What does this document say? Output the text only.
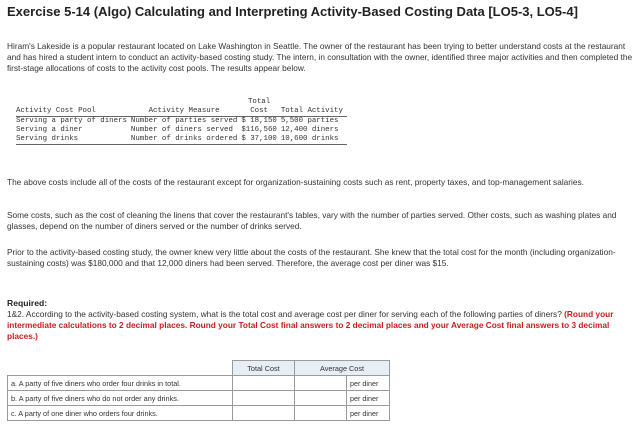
Exercise 5-14 (Algo) Calculating and Interpreting Activity-Based Costing Data [LO5-3, LO5-4]
Hiram's Lakeside is a popular restaurant located on Lake Washington in Seattle. The owner of the restaurant has been trying to better understand costs at the restaurant and has hired a student intern to conduct an activity-based costing study. The intern, in consultation with the owner, identified three major activities and then completed the first-stage allocations of costs to the activity cost pools. The results appear below.
		Total	
Activity Cost Pool	Activity Measure	Cost	Total Activity
Serving a party of diners	Number of parties served	$ 18,150	5,500 parties
Serving a diner	Number of diners served	$116,560	12,400 diners
Serving drinks	Number of drinks ordered	$ 37,100	10,600 drinks
The above costs include all of the costs of the restaurant except for organization-sustaining costs such as rent, property taxes, and top-management salaries.
Some costs, such as the cost of cleaning the linens that cover the restaurant's tables, vary with the number of parties served. Other costs, such as washing plates and glasses, depend on the number of diners served or the number of drinks served.
Prior to the activity-based costing study, the owner knew very little about the costs of the restaurant. She knew that the total cost for the month (including organization-sustaining costs) was $180,000 and that 12,000 diners had been served. Therefore, the average cost per diner was $15.
Required:
1&2. According to the activity-based costing system, what is the total cost and average cost per diner for serving each of the following parties of diners? (Round your intermediate calculations to 2 decimal places. Round your Total Cost final answers to 2 decimal places and your Average Cost final answers to 3 decimal places.)
	Total Cost	Average Cost	
a. A party of five diners who order four drinks in total.			per diner
b. A party of five diners who do not order any drinks.			per diner
c. A party of one diner who orders four drinks.			per diner
